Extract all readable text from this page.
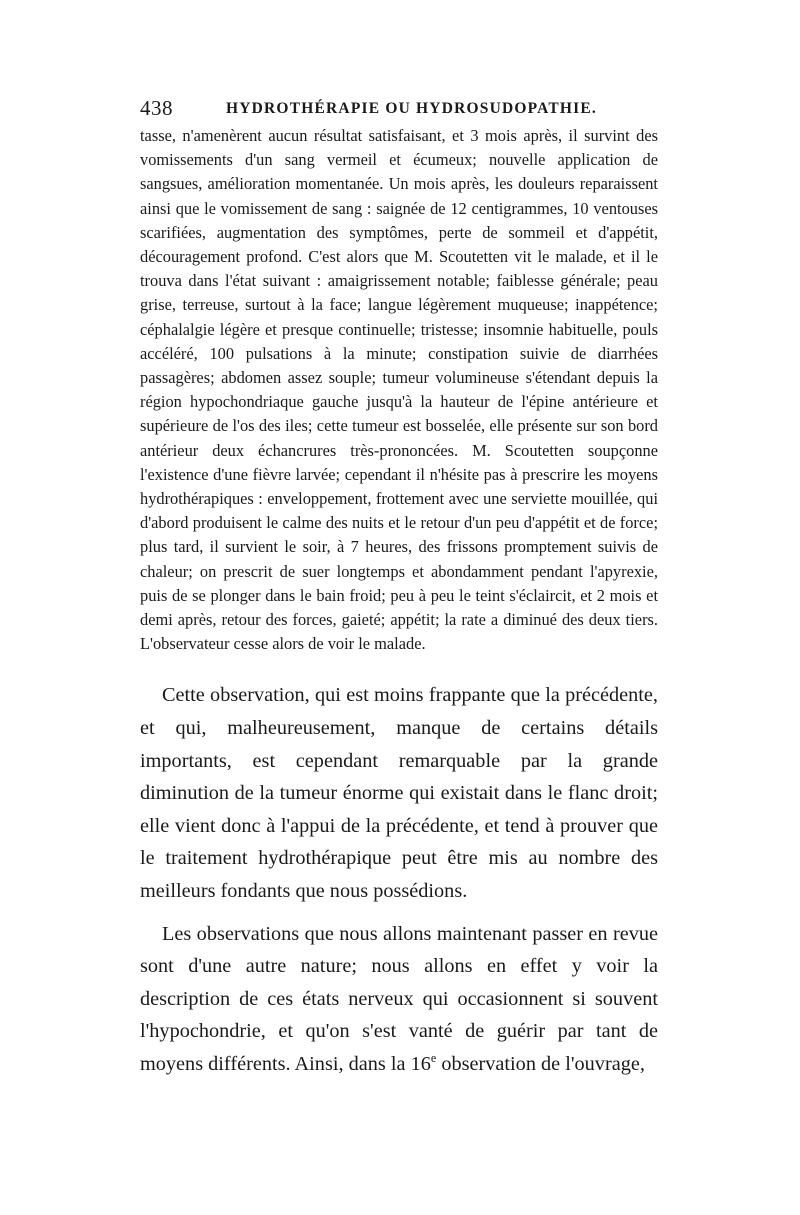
438	HYDROTHÉRAPIE OU HYDROSUDOPATHIE.

tasse, n'amenèrent aucun résultat satisfaisant, et 3 mois après, il survint des vomissements d'un sang vermeil et écumeux; nouvelle application de sangsues, amélioration momentanée. Un mois après, les douleurs reparaissent ainsi que le vomissement de sang : saignée de 12 centigrammes, 10 ventouses scarifiées, augmentation des symptômes, perte de sommeil et d'appétit, découragement profond. C'est alors que M. Scoutetten vit le malade, et il le trouva dans l'état suivant : amaigrissement notable; faiblesse générale; peau grise, terreuse, surtout à la face; langue légèrement muqueuse; inappétence; céphalalgie légère et presque continuelle; tristesse; insomnie habituelle, pouls accéléré, 100 pulsations à la minute; constipation suivie de diarrhées passagères; abdomen assez souple; tumeur volumineuse s'étendant depuis la région hypochondriaque gauche jusqu'à la hauteur de l'épine antérieure et supérieure de l'os des iles; cette tumeur est bosselée, elle présente sur son bord antérieur deux échancrures très-prononcées. M. Scoutetten soupçonne l'existence d'une fièvre larvée; cependant il n'hésite pas à prescrire les moyens hydrothérapiques : enveloppement, frottement avec une serviette mouillée, qui d'abord produisent le calme des nuits et le retour d'un peu d'appétit et de force; plus tard, il survient le soir, à 7 heures, des frissons promptement suivis de chaleur; on prescrit de suer longtemps et abondamment pendant l'apyrexie, puis de se plonger dans le bain froid; peu à peu le teint s'éclaircit, et 2 mois et demi après, retour des forces, gaieté; appétit; la rate a diminué des deux tiers. L'observateur cesse alors de voir le malade.

Cette observation, qui est moins frappante que la précédente, et qui, malheureusement, manque de certains détails importants, est cependant remarquable par la grande diminution de la tumeur énorme qui existait dans le flanc droit; elle vient donc à l'appui de la précédente, et tend à prouver que le traitement hydrothérapique peut être mis au nombre des meilleurs fondants que nous possédions.

Les observations que nous allons maintenant passer en revue sont d'une autre nature; nous allons en effet y voir la description de ces états nerveux qui occasionnent si souvent l'hypochondrie, et qu'on s'est vanté de guérir par tant de moyens différents. Ainsi, dans la 16e observation de l'ouvrage,
